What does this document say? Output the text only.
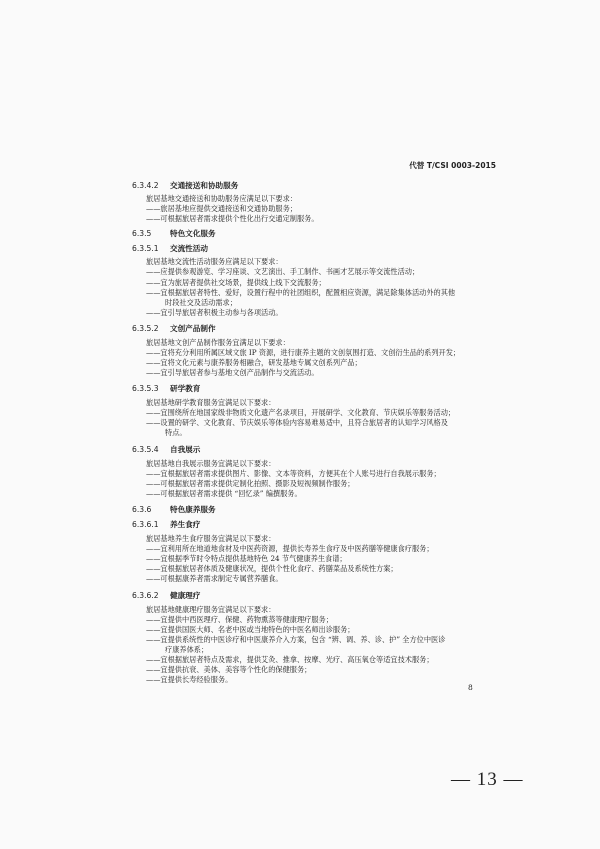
代替 T/CSI 0003-2015
6.3.4.2 交通接送和协助服务
旅居基地交通接送和协助服务应满足以下要求：
——旅居基地应提供交通接送和交通协助服务；
——可根据旅居者需求提供个性化出行交通定制服务。
6.3.5 特色文化服务
6.3.5.1 交流性活动
旅居基地交流性活动服务应满足以下要求：
——应提供参观游览、学习座谈、文艺演出、手工制作、书画才艺展示等交流性活动；
——宜为旅居者提供社交场景，提供线上线下交流服务；
——宜根据旅居者特性、爱好，设置行程中的社团组织，配置相应资源，满足除集体活动外的其他
时段社交及活动需求；
——宜引导旅居者积极主动参与各项活动。
6.3.5.2 文创产品制作
旅居基地文创产品制作服务宜满足以下要求：
——宜将充分利用所属区域文旅 IP 资源，进行康养主题的文创氛围打造、文创衍生品的系列开发；
——宜将文化元素与康养服务相融合，研发基地专属文创系列产品；
——宜引导旅居者参与基地文创产品制作与交流活动。
6.3.5.3 研学教育
旅居基地研学教育服务宜满足以下要求：
——宜围绕所在地国家级非物质文化遗产名录项目，开展研学、文化教育、节庆娱乐等服务活动；
——设置的研学、文化教育、节庆娱乐等体验内容易难易适中，且符合旅居者的认知学习风格及
特点。
6.3.5.4 自我展示
旅居基地自我展示服务宜满足以下要求：
——宜根据旅居者需求提供图片、影像、文本等资料，方便其在个人账号进行自我展示服务；
——可根据旅居者需求提供定制化拍照、摄影及短视频制作服务；
——可根据旅居者需求提供 “回忆录” 编撰服务。
6.3.6 特色康养服务
6.3.6.1 养生食疗
旅居基地养生食疗服务宜满足以下要求：
——宜利用所在地道地食材及中医药资源，提供长寿养生食疗及中医药膳等健康食疗服务；
——宜根据季节时令特点提供基地特色 24 节气健康养生食谱；
——宜根据旅居者体质及健康状况，提供个性化食疗、药膳菜品及系统性方案；
——可根据康养者需求制定专属营养膳食。
6.3.6.2 健康理疗
旅居基地健康理疗服务宜满足以下要求：
——宜提供中西医理疗、保健、药物熏蒸等健康理疗服务；
——宜提供国医大师、名老中医或当地特色的中医名师出诊服务；
——宜提供系统性的中医诊疗和中医康养介入方案，包含 “辨、调、养、诊、护” 全方位中医诊
疗康养体系；
——宜根据旅居者特点及需求，提供艾灸、推拿、按摩、光疗、高压氧仓等适宜技术服务；
——宜提供抗衰、美体、美容等个性化的保健服务；
——宜提供长寿经验服务。
8
— 13 —
